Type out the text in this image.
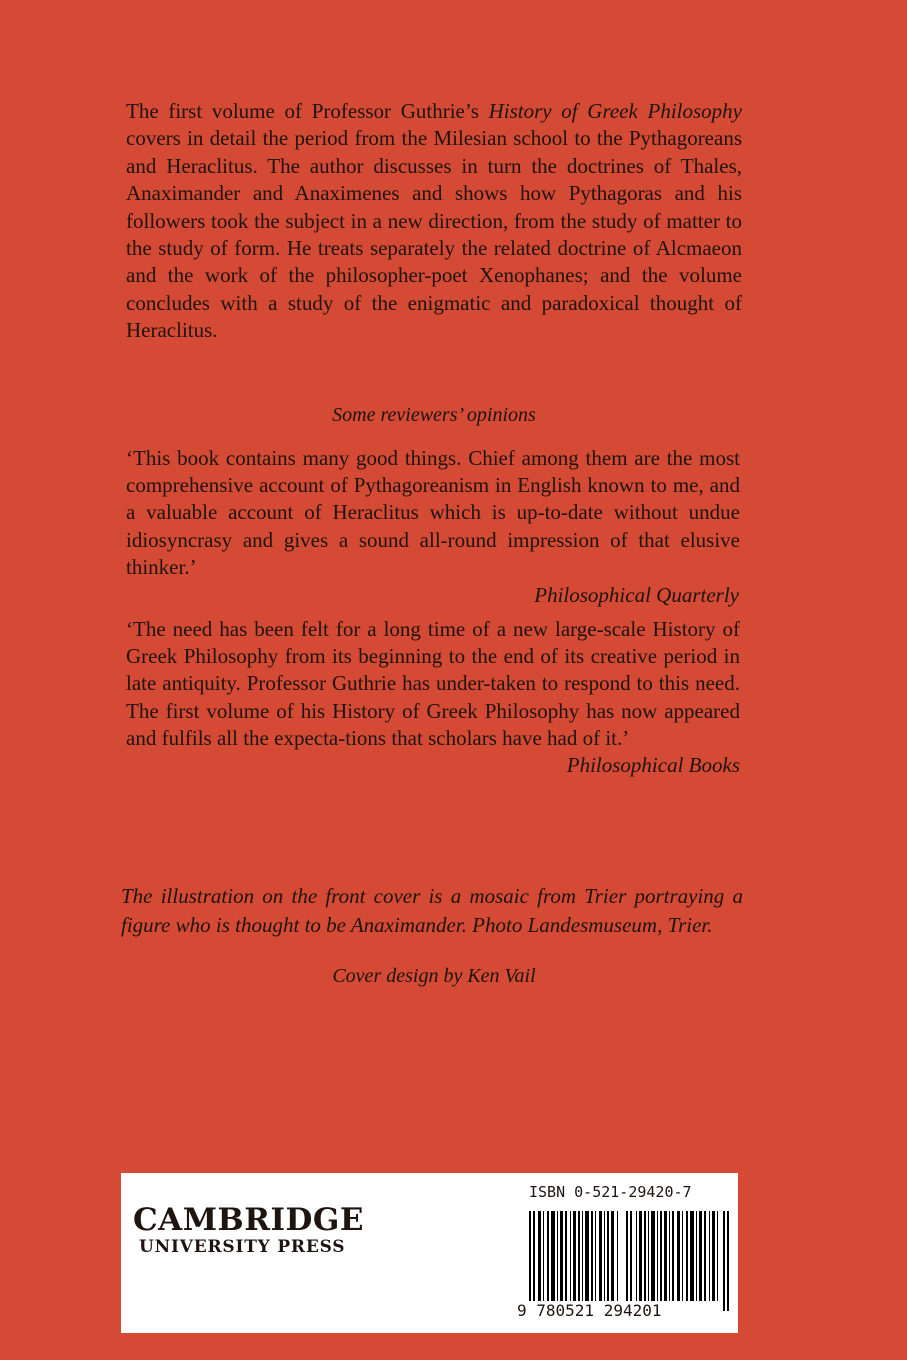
The first volume of Professor Guthrie’s History of Greek Philosophy covers in detail the period from the Milesian school to the Pythagoreans and Heraclitus. The author discusses in turn the doctrines of Thales, Anaximander and Anaximenes and shows how Pythagoras and his followers took the subject in a new direction, from the study of matter to the study of form. He treats separately the related doctrine of Alcmaeon and the work of the philosopher-poet Xenophanes; and the volume concludes with a study of the enigmatic and paradoxical thought of Heraclitus.

Some reviewers’ opinions

‘This book contains many good things. Chief among them are the most comprehensive account of Pythagoreanism in English known to me, and a valuable account of Heraclitus which is up-to-date without undue idiosyncrasy and gives a sound all-round impression of that elusive thinker.’

Philosophical Quarterly

‘The need has been felt for a long time of a new large-scale History of Greek Philosophy from its beginning to the end of its creative period in late antiquity. Professor Guthrie has under-taken to respond to this need. The first volume of his History of Greek Philosophy has now appeared and fulfils all the expecta-tions that scholars have had of it.’
Philosophical Books

The illustration on the front cover is a mosaic from Trier portraying a figure who is thought to be Anaximander. Photo Landesmuseum, Trier.

Cover design by Ken Vail

CAMBRIDGE
UNIVERSITY PRESS
ISBN 0-521-29420-7
9 780521 294201
